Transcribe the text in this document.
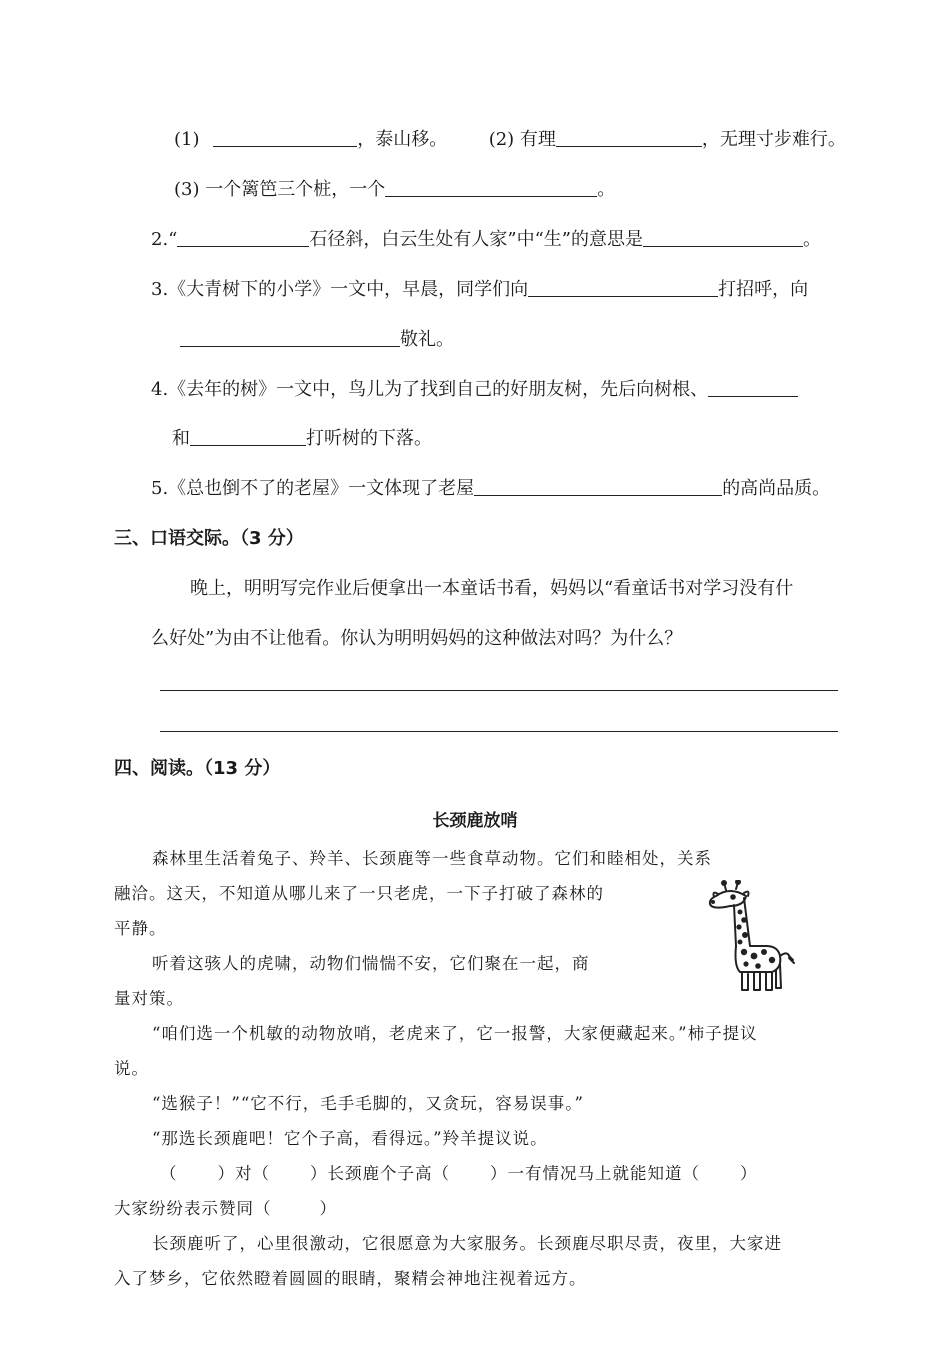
(1)	，泰山移。 (2) 有理	，无理寸步难行。
(3) 一个篱笆三个桩，一个	。
2.“	石径斜，白云生处有人家”中“生”的意思是	。
3.《大青树下的小学》一文中，早晨，同学们向	打招呼，向
敬礼。
4.《去年的树》一文中，鸟儿为了找到自己的好朋友树，先后向树根、
和	打听树的下落。
5.《总也倒不了的老屋》一文体现了老屋	的高尚品质。
三、口语交际。（3 分）
晚上，明明写完作业后便拿出一本童话书看，妈妈以“看童话书对学习没有什
么好处”为由不让他看。你认为明明妈妈的这种做法对吗？为什么？
四、阅读。（13 分）
长颈鹿放哨
森林里生活着兔子、羚羊、长颈鹿等一些食草动物。它们和睦相处，关系
融洽。这天，不知道从哪儿来了一只老虎，一下子打破了森林的
平静。
听着这骇人的虎啸，动物们惴惴不安，它们聚在一起，商
量对策。
“咱们选一个机敏的动物放哨，老虎来了，它一报警，大家便藏起来。”柿子提议
说。
“选猴子！”“它不行，毛手毛脚的，又贪玩，容易误事。”
“那选长颈鹿吧！它个子高，看得远。”羚羊提议说。
（ ）对（ ）长颈鹿个子高（ ）一有情况马上就能知道（ ）
大家纷纷表示赞同（	）
长颈鹿听了，心里很激动，它很愿意为大家服务。长颈鹿尽职尽责，夜里，大家进
入了梦乡，它依然瞪着圆圆的眼睛，聚精会神地注视着远方。
